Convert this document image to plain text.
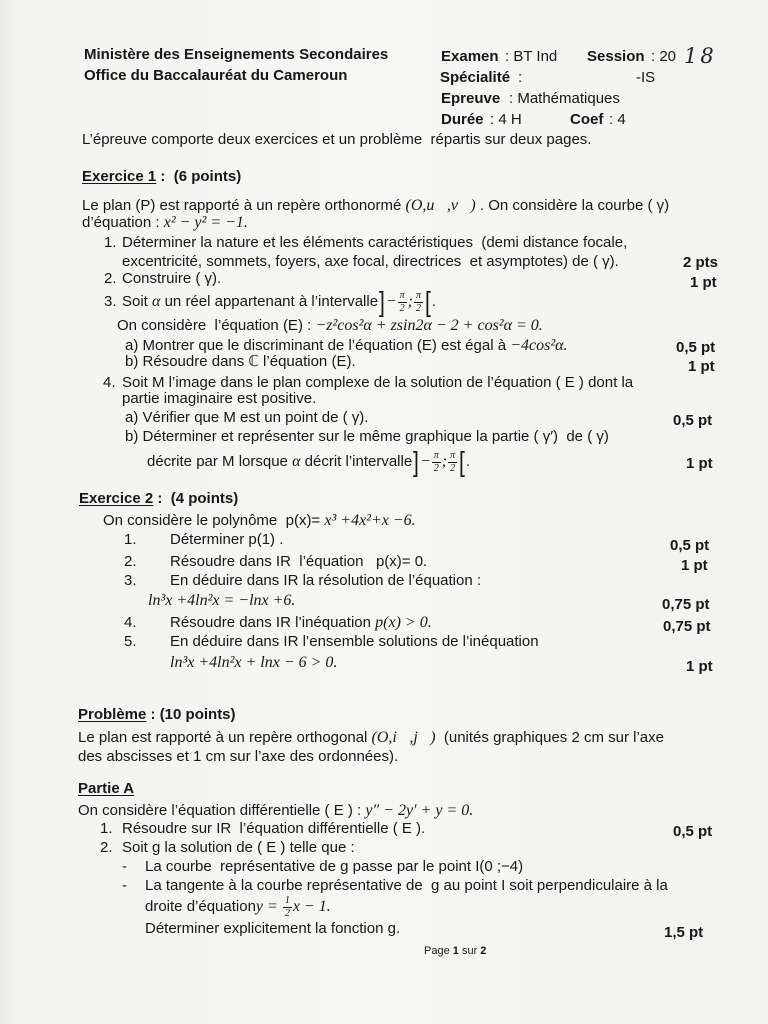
Ministère des Enseignements Secondaires
Office du Baccalauréat du Cameroun
Examen : BT Ind Session : 20 18
Spécialité :	-IS
Epreuve : Mathématiques
Durée : 4 H	Coef : 4
L’épreuve comporte deux exercices et un problème  répartis sur deux pages.
Exercice 1 :  (6 points)
Le plan (P) est rapporté à un repère orthonormé (O,u⃗,v⃗) . On considère la courbe ( γ)
d’équation : x² − y² = −1.
1. Déterminer la nature et les éléments caractéristiques  (demi distance focale,
excentricité, sommets, foyers, axe focal, directrices  et asymptotes) de ( γ).	2 pts
2. Construire ( γ).	1 pt
3. Soit α un réel appartenant à l’intervalle]− $\frac{\pi}{2}$ ; $\frac{\pi}{2}$ [.
On considère  l’équation (E) : −z²cos²α + zsin2α − 2 + cos²α = 0.
a) Montrer que le discriminant de l’équation (E) est égal à −4cos²α.	0,5 pt
b) Résoudre dans ℂ l’équation (E).	1 pt
4. Soit M l’image dans le plan complexe de la solution de l’équation ( E ) dont la
partie imaginaire est positive.
a) Vérifier que M est un point de ( γ).	0,5 pt
b) Déterminer et représenter sur le même graphique la partie ( γ′)  de ( γ)
décrite par M lorsque α décrit l’intervalle]− $\frac{\pi}{2}$ ; $\frac{\pi}{2}$ [.	1 pt
Exercice 2 :  (4 points)
On considère le polynôme  p(x)= x³ +4x²+x −6.
1. Déterminer p(1) .	0,5 pt
2. Résoudre dans IR  l’équation   p(x)= 0.	1 pt
3. En déduire dans IR la résolution de l’équation :
ln³x +4ln²x = −lnx +6.	0,75 pt
4. Résoudre dans IR l’inéquation p(x) > 0.	0,75 pt
5. En déduire dans IR l’ensemble solutions de l’inéquation
ln³x +4ln²x + lnx − 6 > 0.	1 pt
Problème : (10 points)
Le plan est rapporté à un repère orthogonal (O,i⃗,j⃗)  (unités graphiques 2 cm sur l’axe
des abscisses et 1 cm sur l’axe des ordonnées).
Partie A
On considère l’équation différentielle ( E ) : y″ − 2y′ + y = 0.
1. Résoudre sur IR  l’équation différentielle ( E ).	0,5 pt
2. Soit g la solution de ( E ) telle que :
- La courbe  représentative de g passe par le point I(0 ;−4)
- La tangente à la courbe représentative de  g au point I soit perpendiculaire à la
droite d’équationy = $\frac{1}{2}$ x − 1.
Déterminer explicitement la fonction g.	1,5 pt
Page 1 sur 2
